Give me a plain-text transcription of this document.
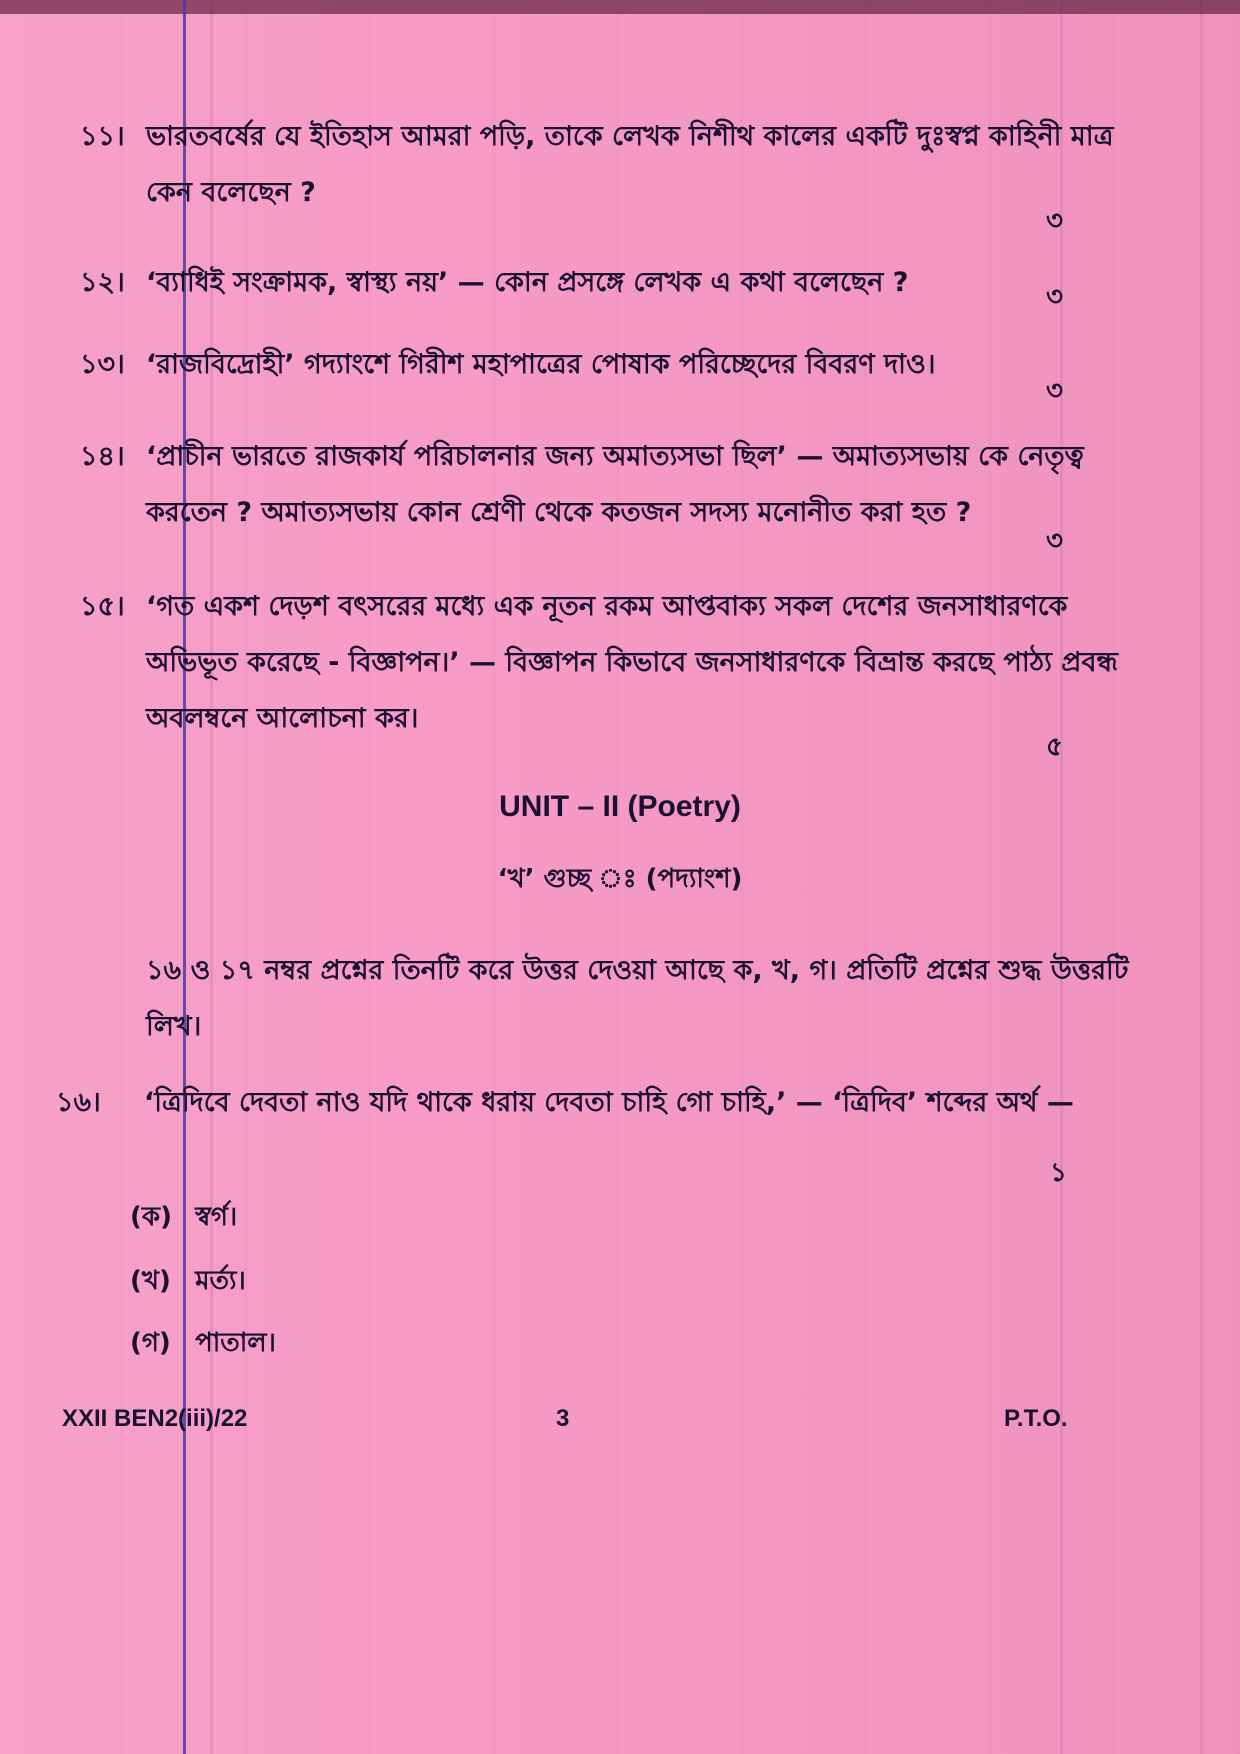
১১। ভারতবর্ষের যে ইতিহাস আমরা পড়ি, তাকে লেখক নিশীথ কালের একটি দুঃস্বপ্ন কাহিনী মাত্র
কেন বলেছেন ?
৩
১২। ‘ব্যাধিই সংক্রামক, স্বাস্থ্য নয়’ — কোন প্রসঙ্গে লেখক এ কথা বলেছেন ?	৩
১৩। ‘রাজবিদ্রোহী’ গদ্যাংশে গিরীশ মহাপাত্রের পোষাক পরিচ্ছেদের বিবরণ দাও।
৩
১৪। ‘প্রাচীন ভারতে রাজকার্য পরিচালনার জন্য অমাত্যসভা ছিল’ — অমাত্যসভায় কে নেতৃত্ব
করতেন ? অমাত্যসভায় কোন শ্রেণী থেকে কতজন সদস্য মনোনীত করা হত ?
৩
১৫। ‘গত একশ দেড়শ বৎসরের মধ্যে এক নূতন রকম আপ্তবাক্য সকল দেশের জনসাধারণকে
অভিভূত করেছে - বিজ্ঞাপন।’ — বিজ্ঞাপন কিভাবে জনসাধারণকে বিভ্রান্ত করছে পাঠ্য প্রবন্ধ
অবলম্বনে আলোচনা কর।
৫
UNIT – II (Poetry)
‘খ’ গুচ্ছ ঃ (পদ্যাংশ)
১৬ ও ১৭ নম্বর প্রশ্নের তিনটি করে উত্তর দেওয়া আছে ক, খ, গ। প্রতিটি প্রশ্নের শুদ্ধ উত্তরটি
লিখ।
১৬। ‘ত্রিদিবে দেবতা নাও যদি থাকে ধরায় দেবতা চাহি গো চাহি,’ — ‘ত্রিদিব’ শব্দের অর্থ —
১
(ক) স্বর্গ।
(খ) মর্ত্য।
(গ) পাতাল।
XXII BEN2(iii)/22	3	P.T.O.
